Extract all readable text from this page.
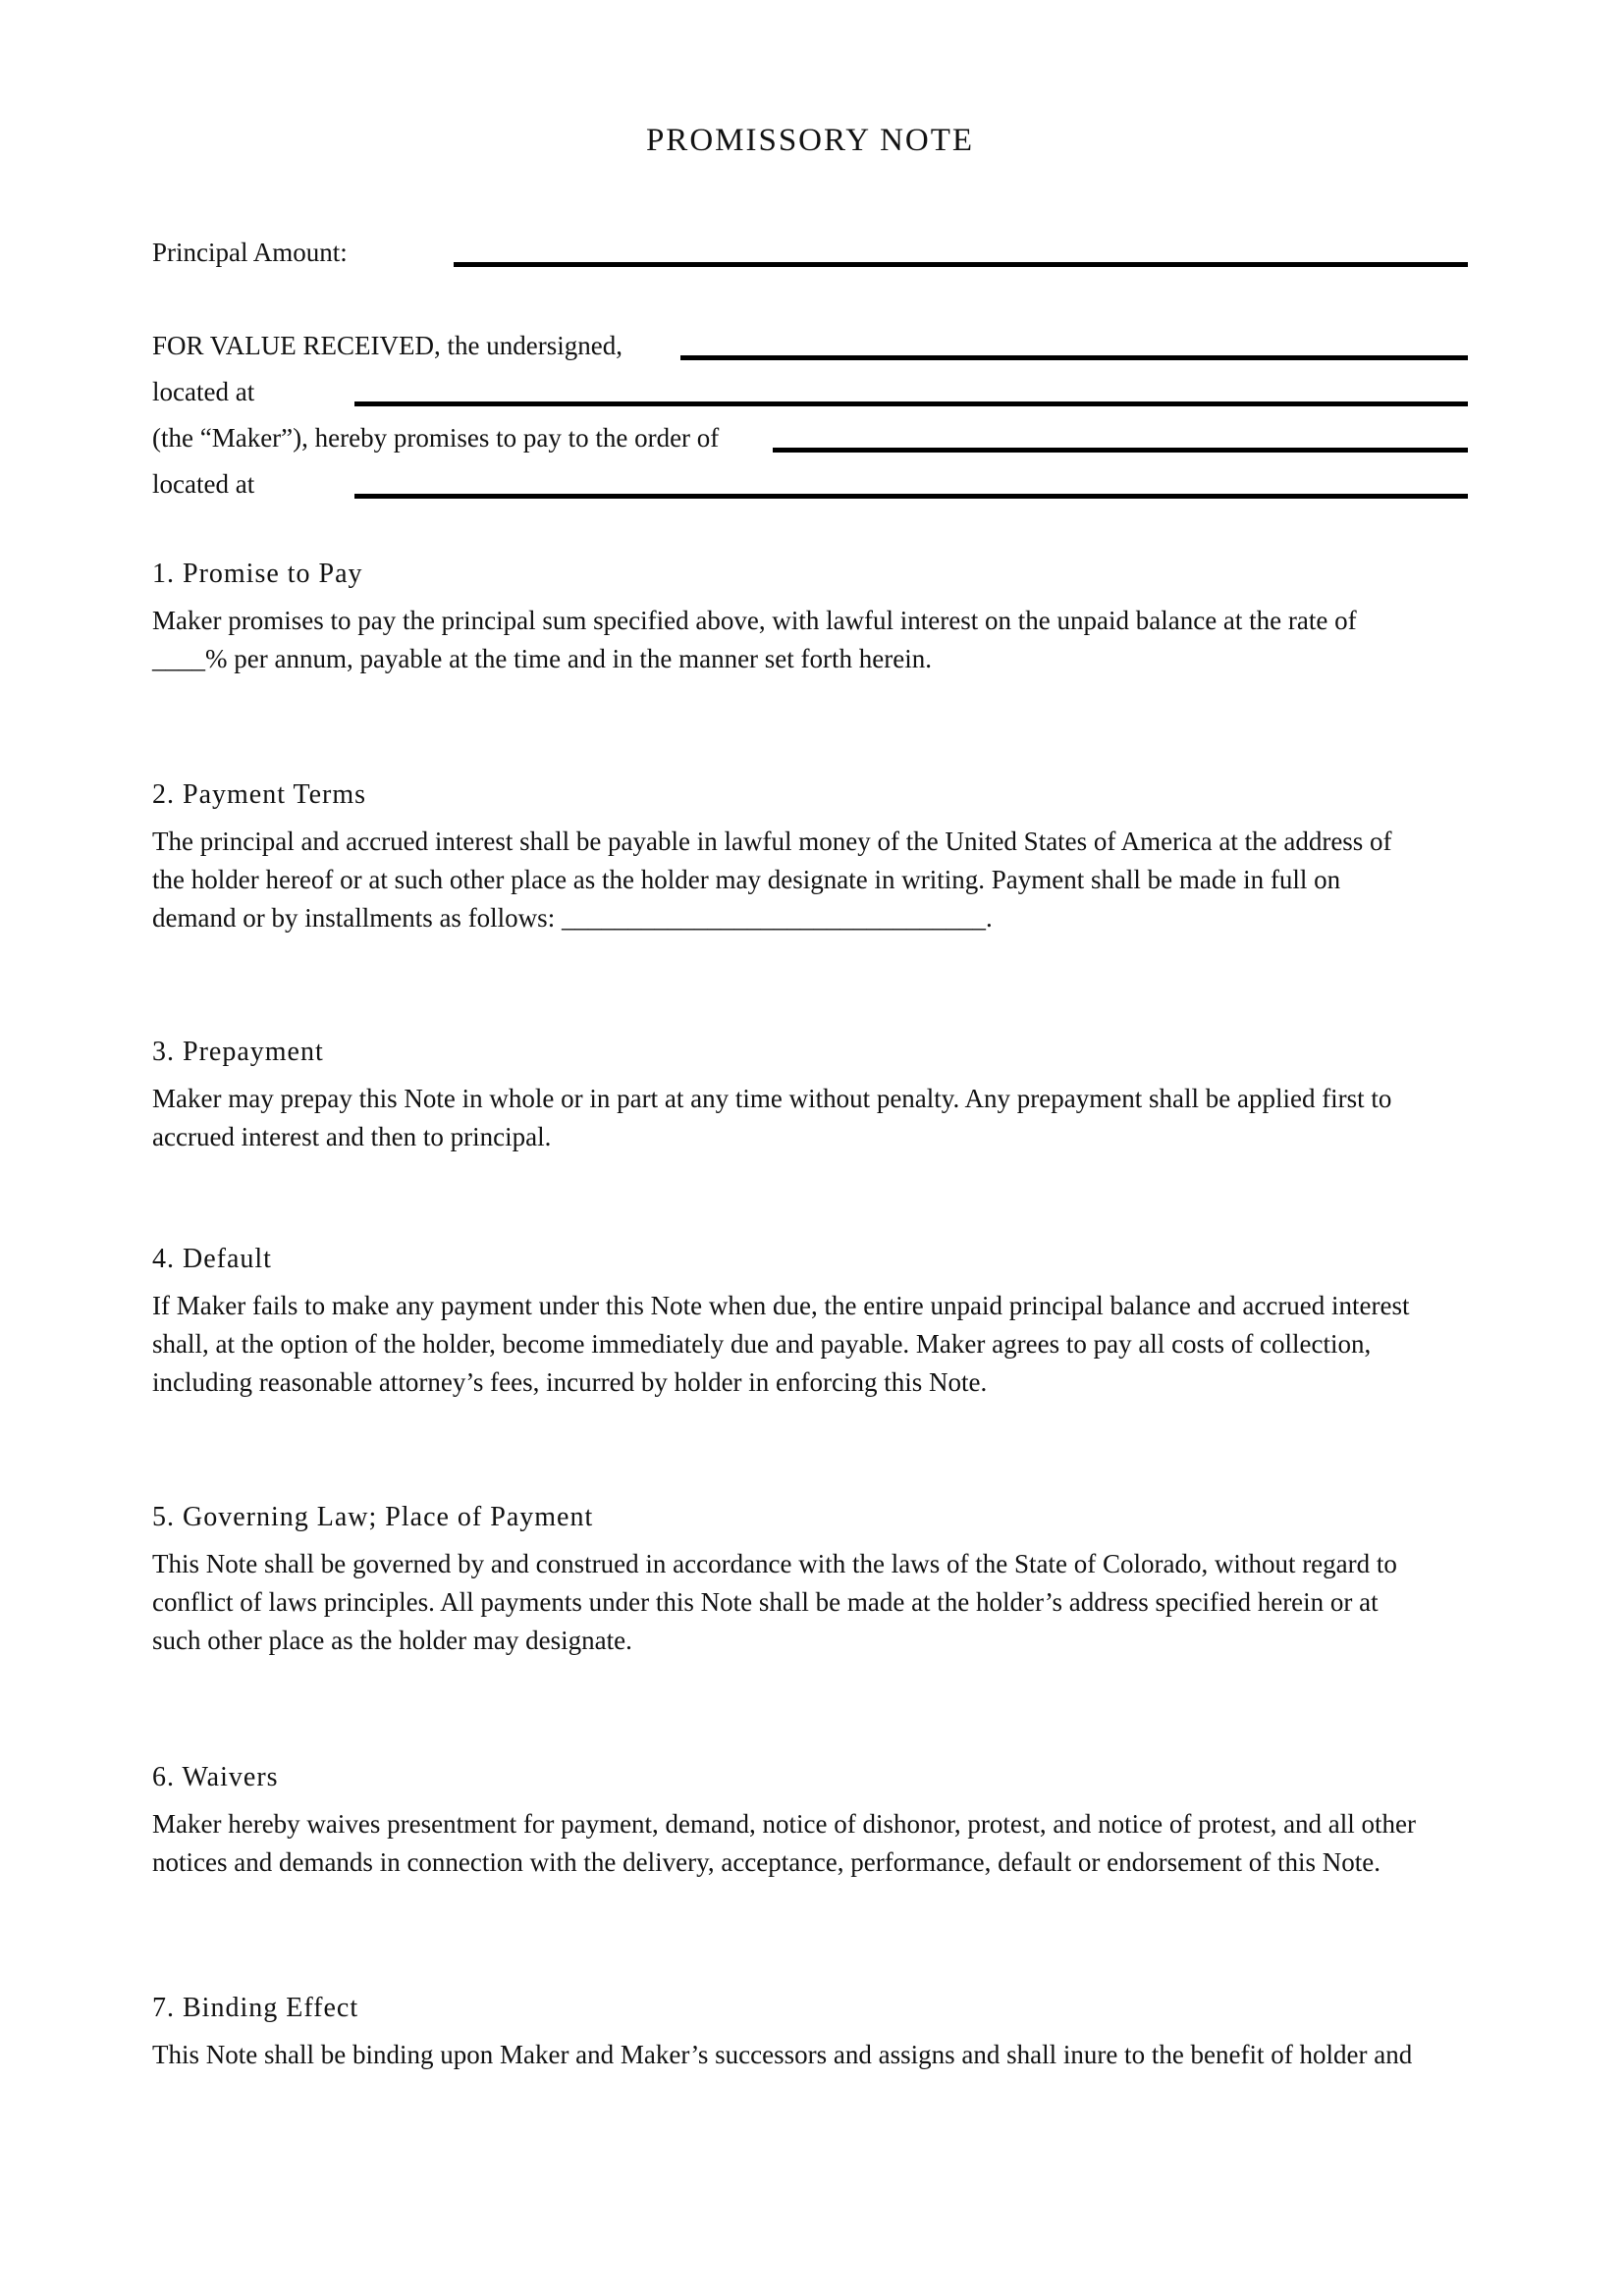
PROMISSORY NOTE
Principal Amount:
FOR VALUE RECEIVED, the undersigned,
located at
(the “Maker”), hereby promises to pay to the order of
located at
1. Promise to Pay
Maker promises to pay the principal sum specified above, with lawful interest on the unpaid balance at the rate of
____% per annum, payable at the time and in the manner set forth herein.
2. Payment Terms
The principal and accrued interest shall be payable in lawful money of the United States of America at the address of
the holder hereof or at such other place as the holder may designate in writing. Payment shall be made in full on
demand or by installments as follows: ________________________________.
3. Prepayment
Maker may prepay this Note in whole or in part at any time without penalty. Any prepayment shall be applied first to
accrued interest and then to principal.
4. Default
If Maker fails to make any payment under this Note when due, the entire unpaid principal balance and accrued interest
shall, at the option of the holder, become immediately due and payable. Maker agrees to pay all costs of collection,
including reasonable attorney’s fees, incurred by holder in enforcing this Note.
5. Governing Law; Place of Payment
This Note shall be governed by and construed in accordance with the laws of the State of Colorado, without regard to
conflict of laws principles. All payments under this Note shall be made at the holder’s address specified herein or at
such other place as the holder may designate.
6. Waivers
Maker hereby waives presentment for payment, demand, notice of dishonor, protest, and notice of protest, and all other
notices and demands in connection with the delivery, acceptance, performance, default or endorsement of this Note.
7. Binding Effect
This Note shall be binding upon Maker and Maker’s successors and assigns and shall inure to the benefit of holder and
